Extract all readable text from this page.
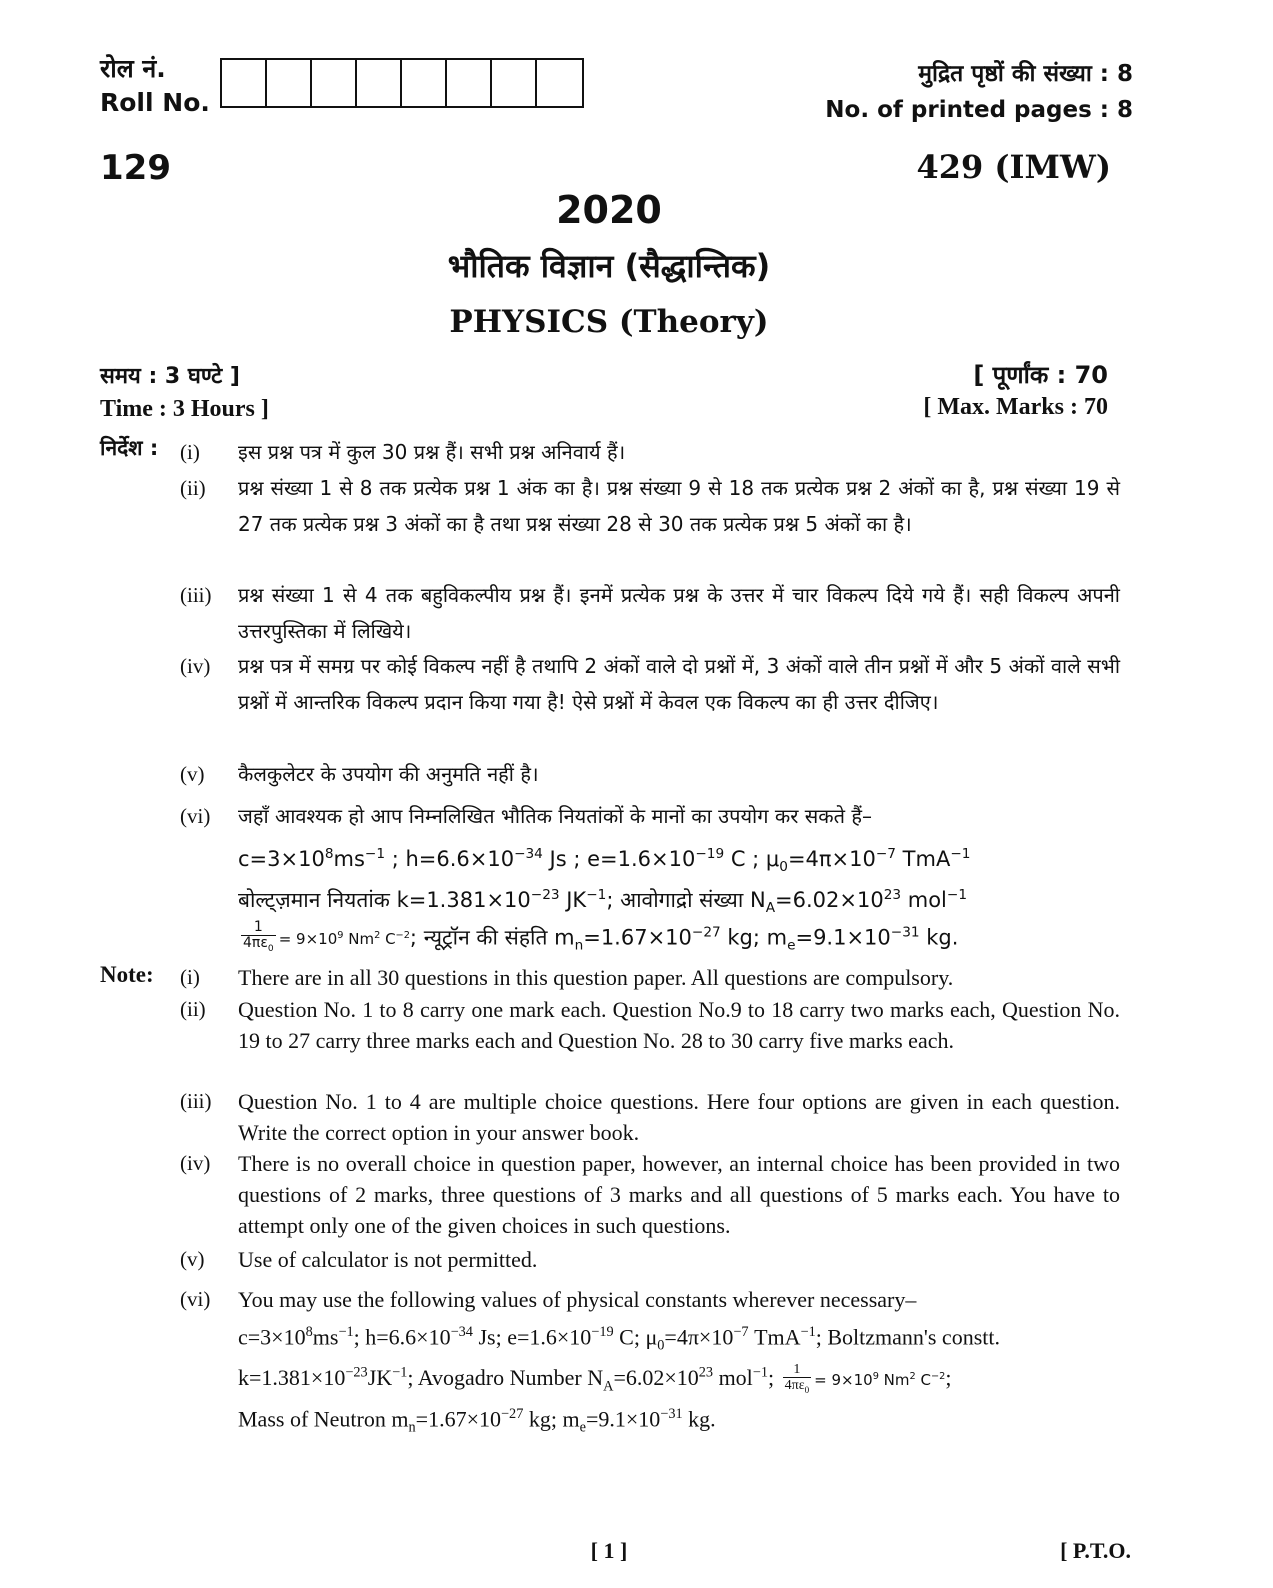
रोल नं.
Roll No.
मुद्रित पृष्ठों की संख्या : 8
No. of printed pages : 8
129	429 (IMW)
2020
भौतिक विज्ञान (सैद्धान्तिक)
PHYSICS (Theory)
समय : 3 घण्टे ]
Time : 3 Hours ]
[ पूर्णांक : 70
[ Max. Marks : 70
निर्देश : (i)	इस प्रश्न पत्र में कुल 30 प्रश्न हैं। सभी प्रश्न अनिवार्य हैं।
(ii)	प्रश्न संख्या 1 से 8 तक प्रत्येक प्रश्न 1 अंक का है। प्रश्न संख्या 9 से 18 तक प्रत्येक प्रश्न 2 अंकों का है, प्रश्न संख्या 19 से 27 तक प्रत्येक प्रश्न 3 अंकों का है तथा प्रश्न संख्या 28 से 30 तक प्रत्येक प्रश्न 5 अंकों का है।
(iii)	प्रश्न संख्या 1 से 4 तक बहुविकल्पीय प्रश्न हैं। इनमें प्रत्येक प्रश्न के उत्तर में चार विकल्प दिये गये हैं। सही विकल्प अपनी उत्तरपुस्तिका में लिखिये।
(iv)	प्रश्न पत्र में समग्र पर कोई विकल्प नहीं है तथापि 2 अंकों वाले दो प्रश्नों में, 3 अंकों वाले तीन प्रश्नों में और 5 अंकों वाले सभी प्रश्नों में आन्तरिक विकल्प प्रदान किया गया है! ऐसे प्रश्नों में केवल एक विकल्प का ही उत्तर दीजिए।
(v)	कैलकुलेटर के उपयोग की अनुमति नहीं है।
(vi)	जहाँ आवश्यक हो आप निम्नलिखित भौतिक नियतांकों के मानों का उपयोग कर सकते हैं–
$c=3\times 10^8ms^{-1}$ ; $h=6.6\times 10^{-34}$ Js ; $e=1.6\times 10^{-19}$ C ; $\mu_0=4\pi\times 10^{-7}$ TmA$^{-1}$
बोल्ट्ज़मान नियतांक $k=1.381\times 10^{-23}$ $JK^{-1}$; आवोगाद्रो संख्या $N_A=6.02\times 10^{23}$ mol$^{-1}$
$\frac{1}{4\pi\varepsilon_0} = 9\times 10^9$ Nm$^2$ $C^{-2}$; न्यूट्रॉन की संहति $m_n=1.67\times 10^{-27}$ kg; $m_e=9.1\times 10^{-31}$ kg.
Note: (i)	There are in all 30 questions in this question paper. All questions are compulsory.
(ii)	Question No. 1 to 8 carry one mark each. Question No.9 to 18 carry two marks each, Question No. 19 to 27 carry three marks each and Question No. 28 to 30 carry five marks each.
(iii)	Question No. 1 to 4 are multiple choice questions. Here four options are given in each question. Write the correct option in your answer book.
(iv)	There is no overall choice in question paper, however, an internal choice has been provided in two questions of 2 marks, three questions of 3 marks and all questions of 5 marks each. You have to attempt only one of the given choices in such questions.
(v)	Use of calculator is not permitted.
(vi)	You may use the following values of physical constants wherever necessary–
$c=3\times 10^8ms^{-1}$; $h=6.6\times 10^{-34}$ Js; $e=1.6\times 10^{-19}$ C; $\mu_0=4\pi\times 10^{-7}$ TmA$^{-1}$; Boltzmann's constt.
$k=1.381\times 10^{-23}JK^{-1}$; Avogadro Number $N_A=6.02\times 10^{23}$ mol$^{-1}$; $\frac{1}{4\pi\varepsilon_0} = 9\times 10^9$ Nm$^2$ $C^{-2}$;
Mass of Neutron $m_n=1.67\times 10^{-27}$ kg; $m_e=9.1\times 10^{-31}$ kg.
[ 1 ]	[ P.T.O.
